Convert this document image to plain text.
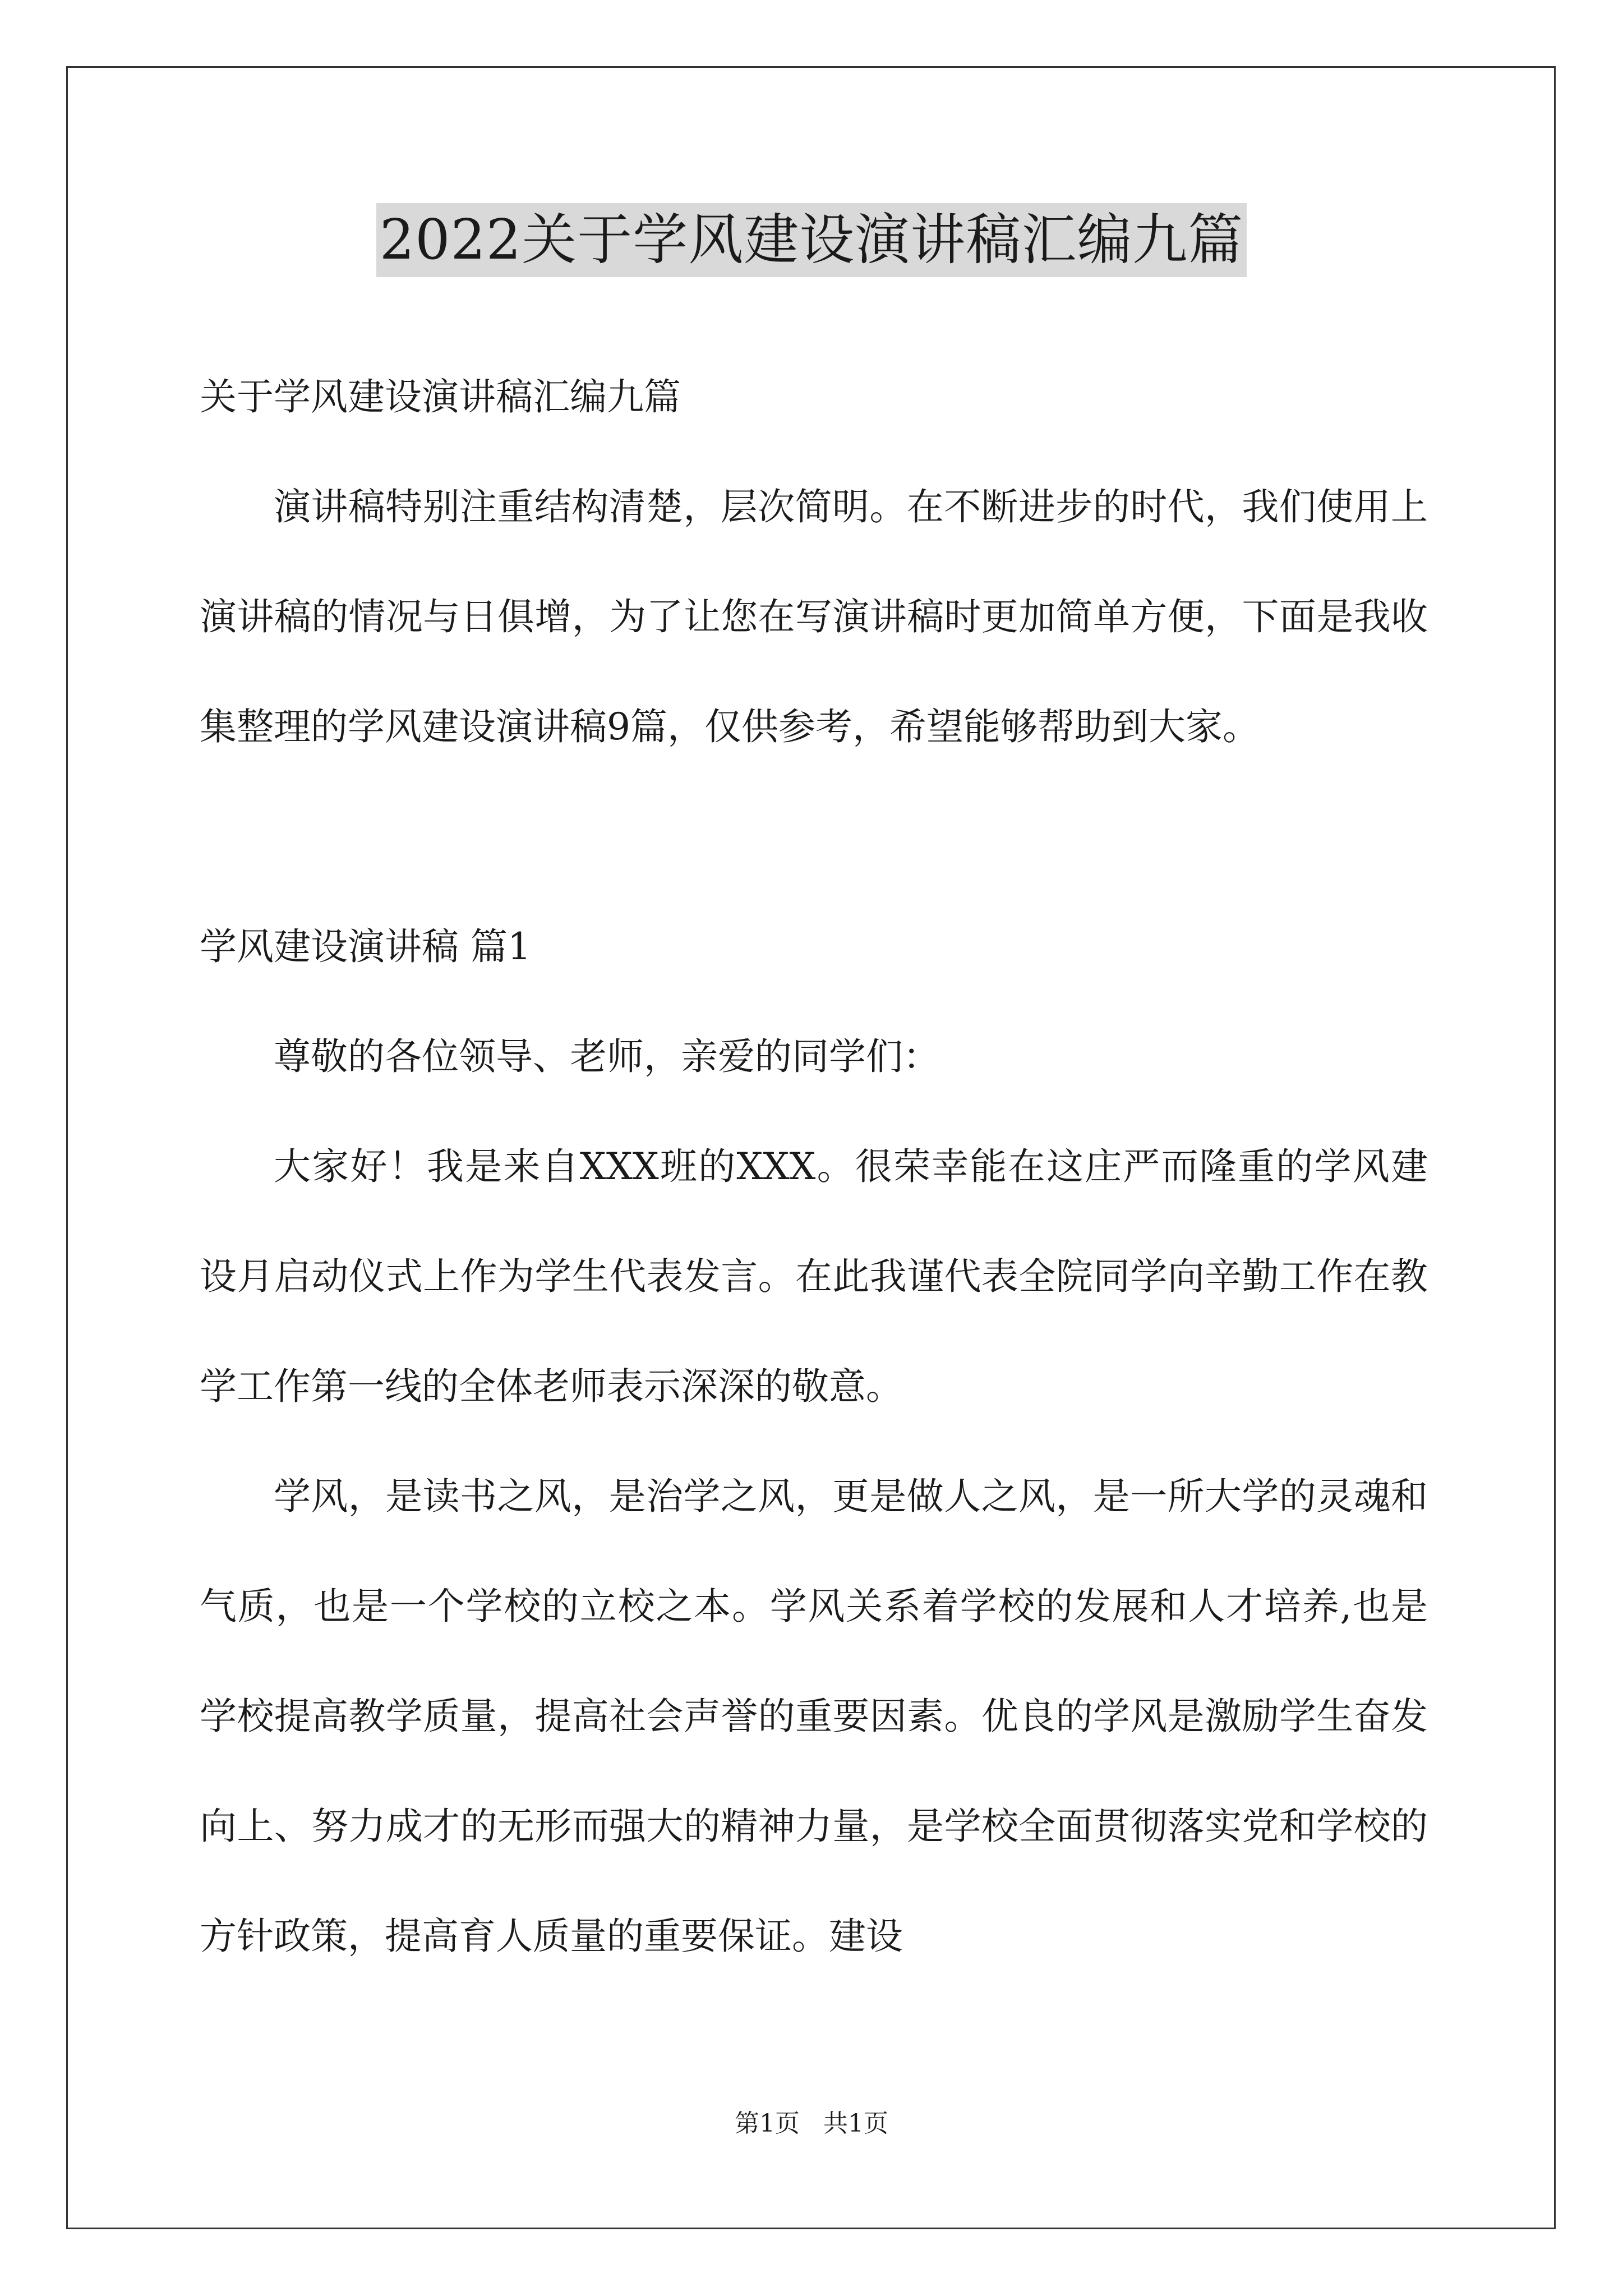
2022关于学风建设演讲稿汇编九篇

关于学风建设演讲稿汇编九篇

演讲稿特别注重结构清楚，层次简明。在不断进步的时代，我们使用上演讲稿的情况与日俱增，为了让您在写演讲稿时更加简单方便，下面是我收集整理的学风建设演讲稿9篇，仅供参考，希望能够帮助到大家。

学风建设演讲稿 篇1

尊敬的各位领导、老师，亲爱的同学们：

大家好！我是来自XXX班的XXX。很荣幸能在这庄严而隆重的学风建设月启动仪式上作为学生代表发言。在此我谨代表全院同学向辛勤工作在教学工作第一线的全体老师表示深深的敬意。

学风，是读书之风，是治学之风，更是做人之风，是一所大学的灵魂和气质，也是一个学校的立校之本。学风关系着学校的发展和人才培养,也是学校提高教学质量，提高社会声誉的重要因素。优良的学风是激励学生奋发向上、努力成才的无形而强大的精神力量，是学校全面贯彻落实党和学校的方针政策，提高育人质量的重要保证。建设

第1页   共1页
